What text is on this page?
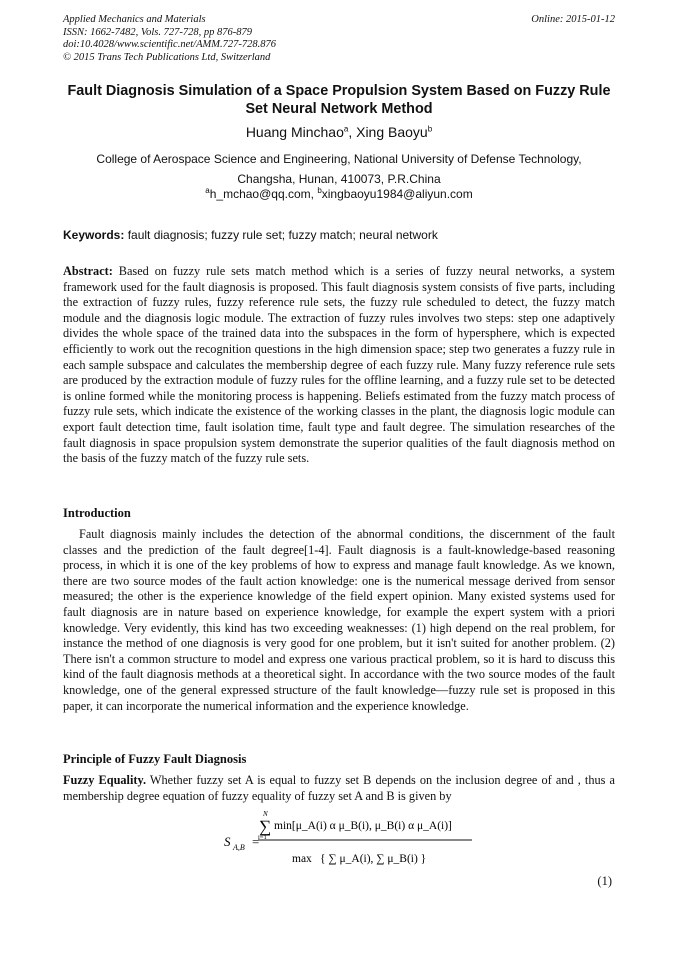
Applied Mechanics and Materials
ISSN: 1662-7482, Vols. 727-728, pp 876-879
doi:10.4028/www.scientific.net/AMM.727-728.876
© 2015 Trans Tech Publications Ltd, Switzerland
Online: 2015-01-12
Fault Diagnosis Simulation of a Space Propulsion System Based on Fuzzy Rule Set Neural Network Method
Huang Minchao$^a$, Xing Baoyu$^b$
College of Aerospace Science and Engineering, National University of Defense Technology,
Changsha, Hunan, 410073, P.R.China
$^a$h_mchao@qq.com, $^b$xingbaoyu1984@aliyun.com
Keywords: fault diagnosis; fuzzy rule set; fuzzy match; neural network
Abstract: Based on fuzzy rule sets match method which is a series of fuzzy neural networks, a system framework used for the fault diagnosis is proposed. This fault diagnosis system consists of five parts, including the extraction of fuzzy rules, fuzzy reference rule sets, the fuzzy rule scheduled to detect, the fuzzy match module and the diagnosis logic module. The extraction of fuzzy rules involves two steps: step one adaptively divides the whole space of the trained data into the subspaces in the form of hypersphere, which is expected efficiently to work out the recognition questions in the high dimension space; step two generates a fuzzy rule in each sample subspace and calculates the membership degree of each fuzzy rule. Many fuzzy reference rule sets are produced by the extraction module of fuzzy rules for the offline learning, and a fuzzy rule set to be detected is online formed while the monitoring process is happening. Beliefs estimated from the fuzzy match process of fuzzy rule sets, which indicate the existence of the working classes in the plant, the diagnosis logic module can export fault detection time, fault isolation time, fault type and fault degree. The simulation researches of the fault diagnosis in space propulsion system demonstrate the superior qualities of the fault diagnosis method on the basis of the fuzzy match of the fuzzy rule sets.
Introduction
Fault diagnosis mainly includes the detection of the abnormal conditions, the discernment of the fault classes and the prediction of the fault degree[1-4]. Fault diagnosis is a fault-knowledge-based reasoning process, in which it is one of the key problems of how to express and manage fault knowledge. As we known, there are two source modes of the fault action knowledge: one is the numerical message derived from sensor measured; the other is the experience knowledge of the field expert opinion. Many existed systems used for fault diagnosis are in nature based on experience knowledge, for example the expert system with a priori knowledge. Very evidently, this kind has two exceeding weaknesses: (1) high depend on the real problem, for instance the method of one diagnosis is very good for one problem, but it isn't suited for another problem. (2) There isn't a common structure to model and express one various practical problem, so it is hard to discuss this kind of the fault diagnosis methods at a theoretical sight. In accordance with the two source modes of the fault knowledge, one of the general expressed structure of the fault knowledge—fuzzy rule set is proposed in this paper, it can incorporate the numerical information and the experience knowledge.
Principle of Fuzzy Fault Diagnosis
Fuzzy Equality. Whether fuzzy set A is equal to fuzzy set B depends on the inclusion degree of and , thus a membership degree equation of fuzzy equality of fuzzy set A and B is given by
S A,B =
N
∑
i=1
min[μ_A(i) α μ_B(i), μ_B(i) α μ_A(i)]
max { ∑ μ_A(i), ∑ μ_B(i) }
(1)
